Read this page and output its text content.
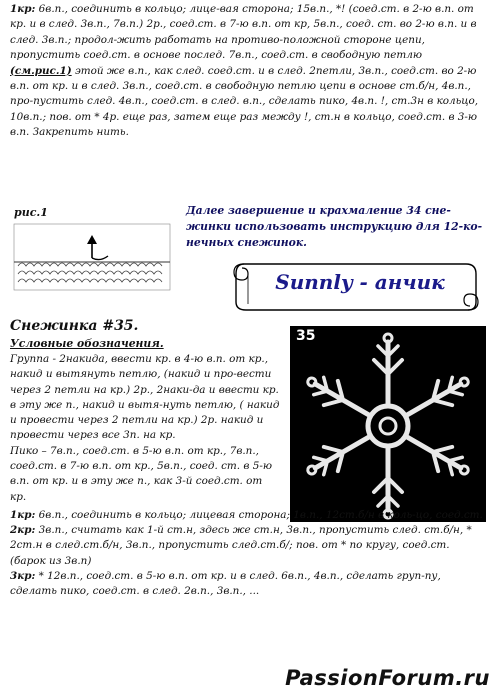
1кр: 6в.п., соединить в кольцо; лице-вая сторона; 15в.п., *! (соед.ст. в 2-ю в.п. от кр. и в след. 3в.п., 7в.п.) 2р., соед.ст. в 7-ю в.п. от кр, 5в.п., соед. ст. во 2-ю в.п. и в след. 3в.п.; продол-жить работать на противо-положной стороне цепи, пропустить соед.ст. в основе послед. 7в.п., соед.ст. в свободную петлю (см.рис.1) этой же в.п., как след. соед.ст. и в след. 2петли, 3в.п., соед.ст. во 2-ю в.п. от кр. и в след. 3в.п., соед.ст. в свободную петлю цепи в основе ст.б/н, 4в.п., про-пустить след. 4в.п., соед.ст. в след. в.п., сделать пико, 4в.п. !, ст.3н в кольцо, 10в.п.; пов. от * 4р. еще раз, затем еще раз между !, ст.н в кольцо, соед.ст. в 3-ю в.п. Закрепить нить.

рис.1	Далее завершение и крахмаление 34 сне-жинки использовать инструкцию для 12-ко-нечных снежинок.
Sunnly - анчик
Снежинка #35.
Условные обозначения.

Группа - 2накида, ввести кр. в 4-ю в.п. от кр., накид и вытянуть петлю, (накид и про-вести через 2 петли на кр.) 2р., 2наки-да и ввести кр. в эту же п., накид и вытя-нуть петлю, ( накид и провести через 2 петли на кр.) 2р. накид и провести через все 3п. на кр.

Пико – 7в.п., соед.ст. в 5-ю в.п. от кр., 7в.п., соед.ст. в 7-ю в.п. от кр., 5в.п., соед. ст. в 5-ю в.п. от кр. и в эту же п., как 3-й соед.ст. от кр.

35

1кр: 6в.п., соединить в кольцо; лицевая сторона; 1в.п., 12ст.б/н в коль-цо, соед.ст.

2кр: 3в.п., считать как 1-й ст.н, здесь же ст.н, 3в.п., пропустить след. ст.б/н, * 2ст.н в след.ст.б/н, 3в.п., пропустить след.ст.б/; пов. от * по кругу, соед.ст. (барок из 3в.п)

3кр: * 12в.п., соед.ст. в 5-ю в.п. от кр. и в след. 6в.п., 4в.п., сделать груп-пу, сделать пико, соед.ст. в след. 2в.п., 3в.п., ...

PassionForum.ru
